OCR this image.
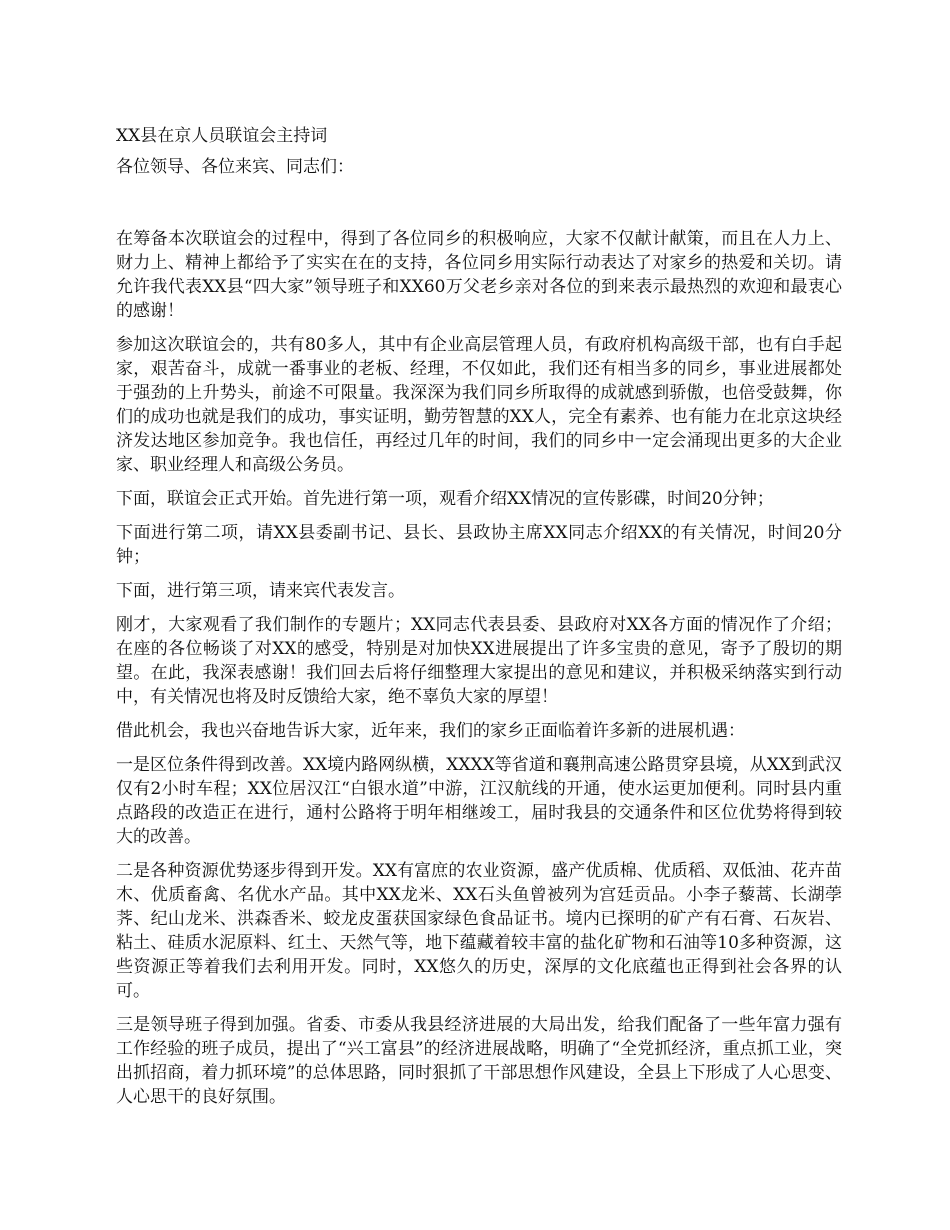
XX县在京人员联谊会主持词

各位领导、各位来宾、同志们：

在筹备本次联谊会的过程中，得到了各位同乡的积极响应，大家不仅献计献策，而且在人力上、财力上、精神上都给予了实实在在的支持，各位同乡用实际行动表达了对家乡的热爱和关切。请允许我代表XX县“四大家”领导班子和XX60万父老乡亲对各位的到来表示最热烈的欢迎和最衷心的感谢！

参加这次联谊会的，共有80多人，其中有企业高层管理人员，有政府机构高级干部，也有白手起家，艰苦奋斗，成就一番事业的老板、经理，不仅如此，我们还有相当多的同乡，事业进展都处于强劲的上升势头，前途不可限量。我深深为我们同乡所取得的成就感到骄傲，也倍受鼓舞，你们的成功也就是我们的成功，事实证明，勤劳智慧的XX人，完全有素养、也有能力在北京这块经济发达地区参加竞争。我也信任，再经过几年的时间，我们的同乡中一定会涌现出更多的大企业家、职业经理人和高级公务员。

下面，联谊会正式开始。首先进行第一项，观看介绍XX情况的宣传影碟，时间20分钟；

下面进行第二项，请XX县委副书记、县长、县政协主席XX同志介绍XX的有关情况，时间20分钟；

下面，进行第三项，请来宾代表发言。

刚才，大家观看了我们制作的专题片；XX同志代表县委、县政府对XX各方面的情况作了介绍；在座的各位畅谈了对XX的感受，特别是对加快XX进展提出了许多宝贵的意见，寄予了殷切的期望。在此，我深表感谢！我们回去后将仔细整理大家提出的意见和建议，并积极采纳落实到行动中，有关情况也将及时反馈给大家，绝不辜负大家的厚望！

借此机会，我也兴奋地告诉大家，近年来，我们的家乡正面临着许多新的进展机遇：

一是区位条件得到改善。XX境内路网纵横，XXXX等省道和襄荆高速公路贯穿县境，从XX到武汉仅有2小时车程；XX位居汉江“白银水道”中游，江汉航线的开通，使水运更加便利。同时县内重点路段的改造正在进行，通村公路将于明年相继竣工，届时我县的交通条件和区位优势将得到较大的改善。

二是各种资源优势逐步得到开发。XX有富庶的农业资源，盛产优质棉、优质稻、双低油、花卉苗木、优质畜禽、名优水产品。其中XX龙米、XX石头鱼曾被列为宫廷贡品。小李子藜蒿、长湖荸荠、纪山龙米、洪森香米、蛟龙皮蛋获国家绿色食品证书。境内已探明的矿产有石膏、石灰岩、粘土、硅质水泥原料、红土、天然气等，地下蕴藏着较丰富的盐化矿物和石油等10多种资源，这些资源正等着我们去利用开发。同时，XX悠久的历史，深厚的文化底蕴也正得到社会各界的认可。

三是领导班子得到加强。省委、市委从我县经济进展的大局出发，给我们配备了一些年富力强有工作经验的班子成员，提出了“兴工富县”的经济进展战略，明确了“全党抓经济，重点抓工业，突出抓招商，着力抓环境”的总体思路，同时狠抓了干部思想作风建设，全县上下形成了人心思变、人心思干的良好氛围。
